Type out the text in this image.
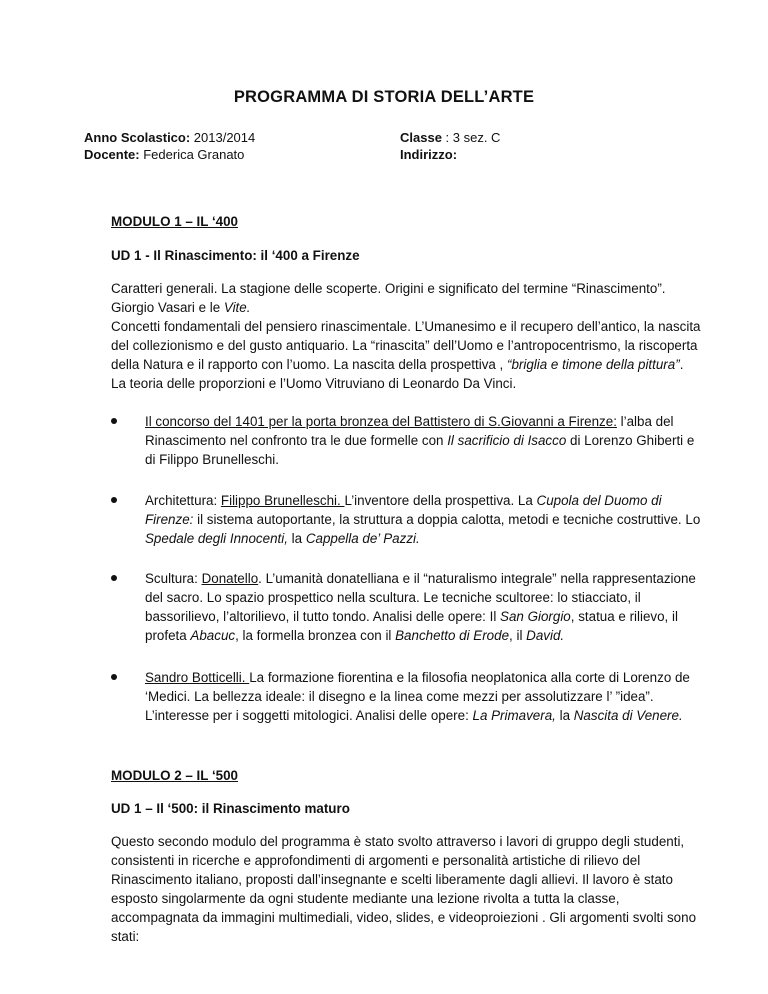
PROGRAMMA DI STORIA DELL’ARTE
Anno Scolastico: 2013/2014
Docente: Federica Granato
Classe : 3 sez. C
Indirizzo:
MODULO 1 – IL ‘400
UD 1 - Il Rinascimento: il ‘400 a Firenze

Caratteri generali. La stagione delle scoperte. Origini e significato del termine “Rinascimento”. Giorgio Vasari e le Vite.

Concetti fondamentali del pensiero rinascimentale. L’Umanesimo e il recupero dell’antico, la nascita del collezionismo e del gusto antiquario. La “rinascita” dell’Uomo e l’antropocentrismo, la riscoperta della Natura e il rapporto con l’uomo. La nascita della prospettiva , “briglia e timone della pittura”. La teoria delle proporzioni e l’Uomo Vitruviano di Leonardo Da Vinci.

Il concorso del 1401 per la porta bronzea del Battistero di S.Giovanni a Firenze: l’alba del Rinascimento nel confronto tra le due formelle con Il sacrificio di Isacco di Lorenzo Ghiberti e di Filippo Brunelleschi.
Architettura: Filippo Brunelleschi. L’inventore della prospettiva. La Cupola del Duomo di Firenze: il sistema autoportante, la struttura a doppia calotta, metodi e tecniche costruttive. Lo Spedale degli Innocenti, la Cappella de’ Pazzi.
Scultura: Donatello. L’umanità donatelliana e il “naturalismo integrale” nella rappresentazione del sacro. Lo spazio prospettico nella scultura. Le tecniche scultoree: lo stiacciato, il bassorilievo, l’altorilievo, il tutto tondo. Analisi delle opere: Il San Giorgio, statua e rilievo, il profeta Abacuc, la formella bronzea con il Banchetto di Erode, il David.
Sandro Botticelli. La formazione fiorentina e la filosofia neoplatonica alla corte di Lorenzo de ‘Medici. La bellezza ideale: il disegno e la linea come mezzi per assolutizzare l’ ”idea”. L’interesse per i soggetti mitologici. Analisi delle opere: La Primavera, la Nascita di Venere.
MODULO 2 – IL ‘500
UD 1 – Il ‘500: il Rinascimento maturo

Questo secondo modulo del programma è stato svolto attraverso i lavori di gruppo degli studenti, consistenti in ricerche e approfondimenti di argomenti e personalità artistiche di rilievo del Rinascimento italiano, proposti dall’insegnante e scelti liberamente dagli allievi. Il lavoro è stato esposto singolarmente da ogni studente mediante una lezione rivolta a tutta la classe, accompagnata da immagini multimediali, video, slides, e videoproiezioni . Gli argomenti svolti sono stati:
